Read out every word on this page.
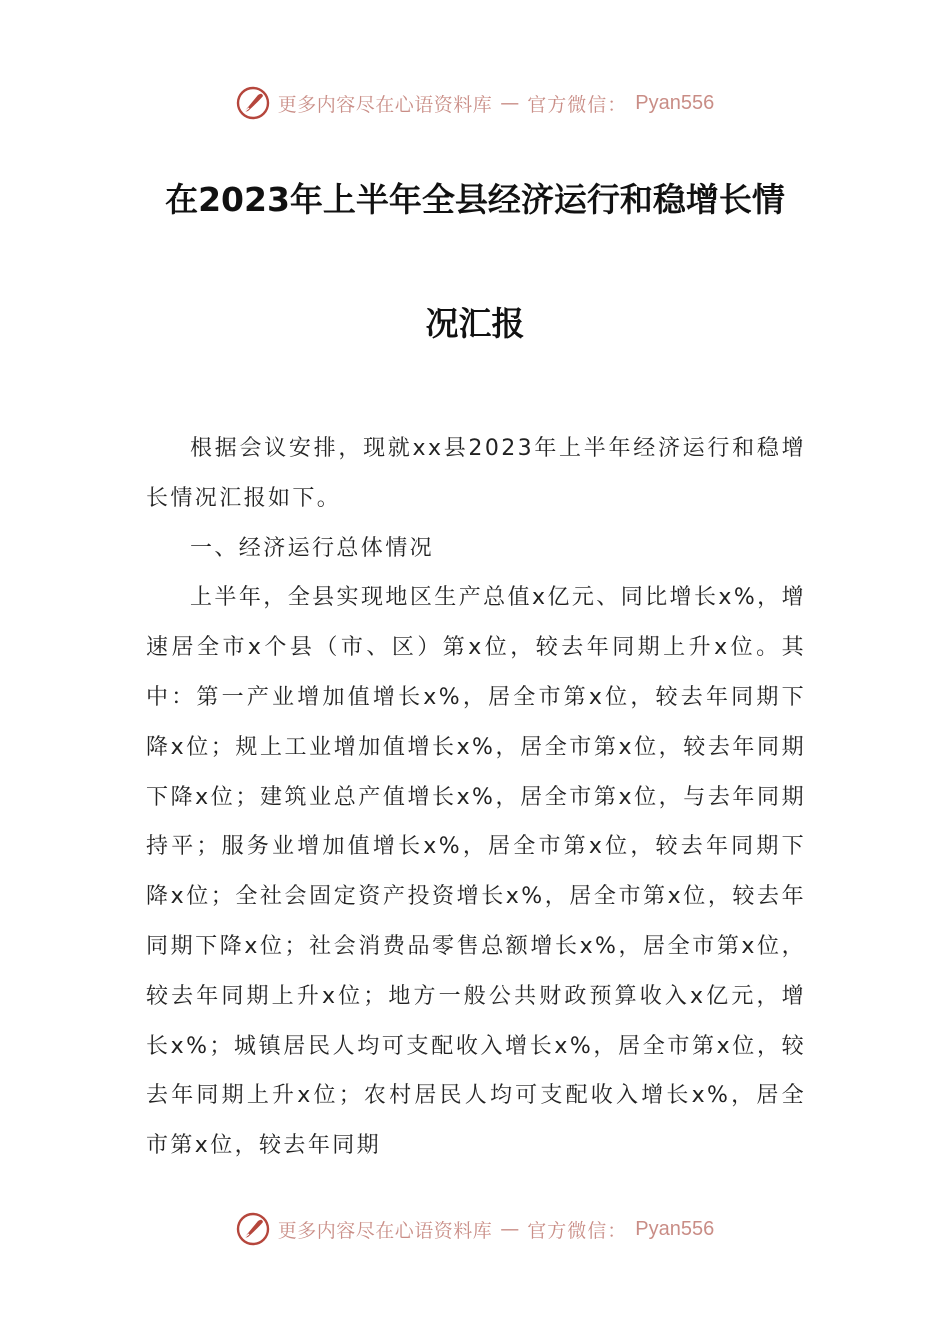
更多内容尽在心语资料库 — 官方微信： Pyan556
在2023年上半年全县经济运行和稳增长情
况汇报

根据会议安排，现就xx县2023年上半年经济运行和稳增长情况汇报如下。

一、经济运行总体情况

上半年，全县实现地区生产总值x亿元、同比增长x%，增速居全市x个县（市、区）第x位，较去年同期上升x位。其中：第一产业增加值增长x%，居全市第x位，较去年同期下降x位；规上工业增加值增长x%，居全市第x位，较去年同期下降x位；建筑业总产值增长x%，居全市第x位，与去年同期持平；服务业增加值增长x%，居全市第x位，较去年同期下降x位；全社会固定资产投资增长x%，居全市第x位，较去年同期下降x位；社会消费品零售总额增长x%，居全市第x位，较去年同期上升x位；地方一般公共财政预算收入x亿元，增长x%；城镇居民人均可支配收入增长x%，居全市第x位，较去年同期上升x位；农村居民人均可支配收入增长x%，居全市第x位，较去年同期

更多内容尽在心语资料库 — 官方微信： Pyan556
